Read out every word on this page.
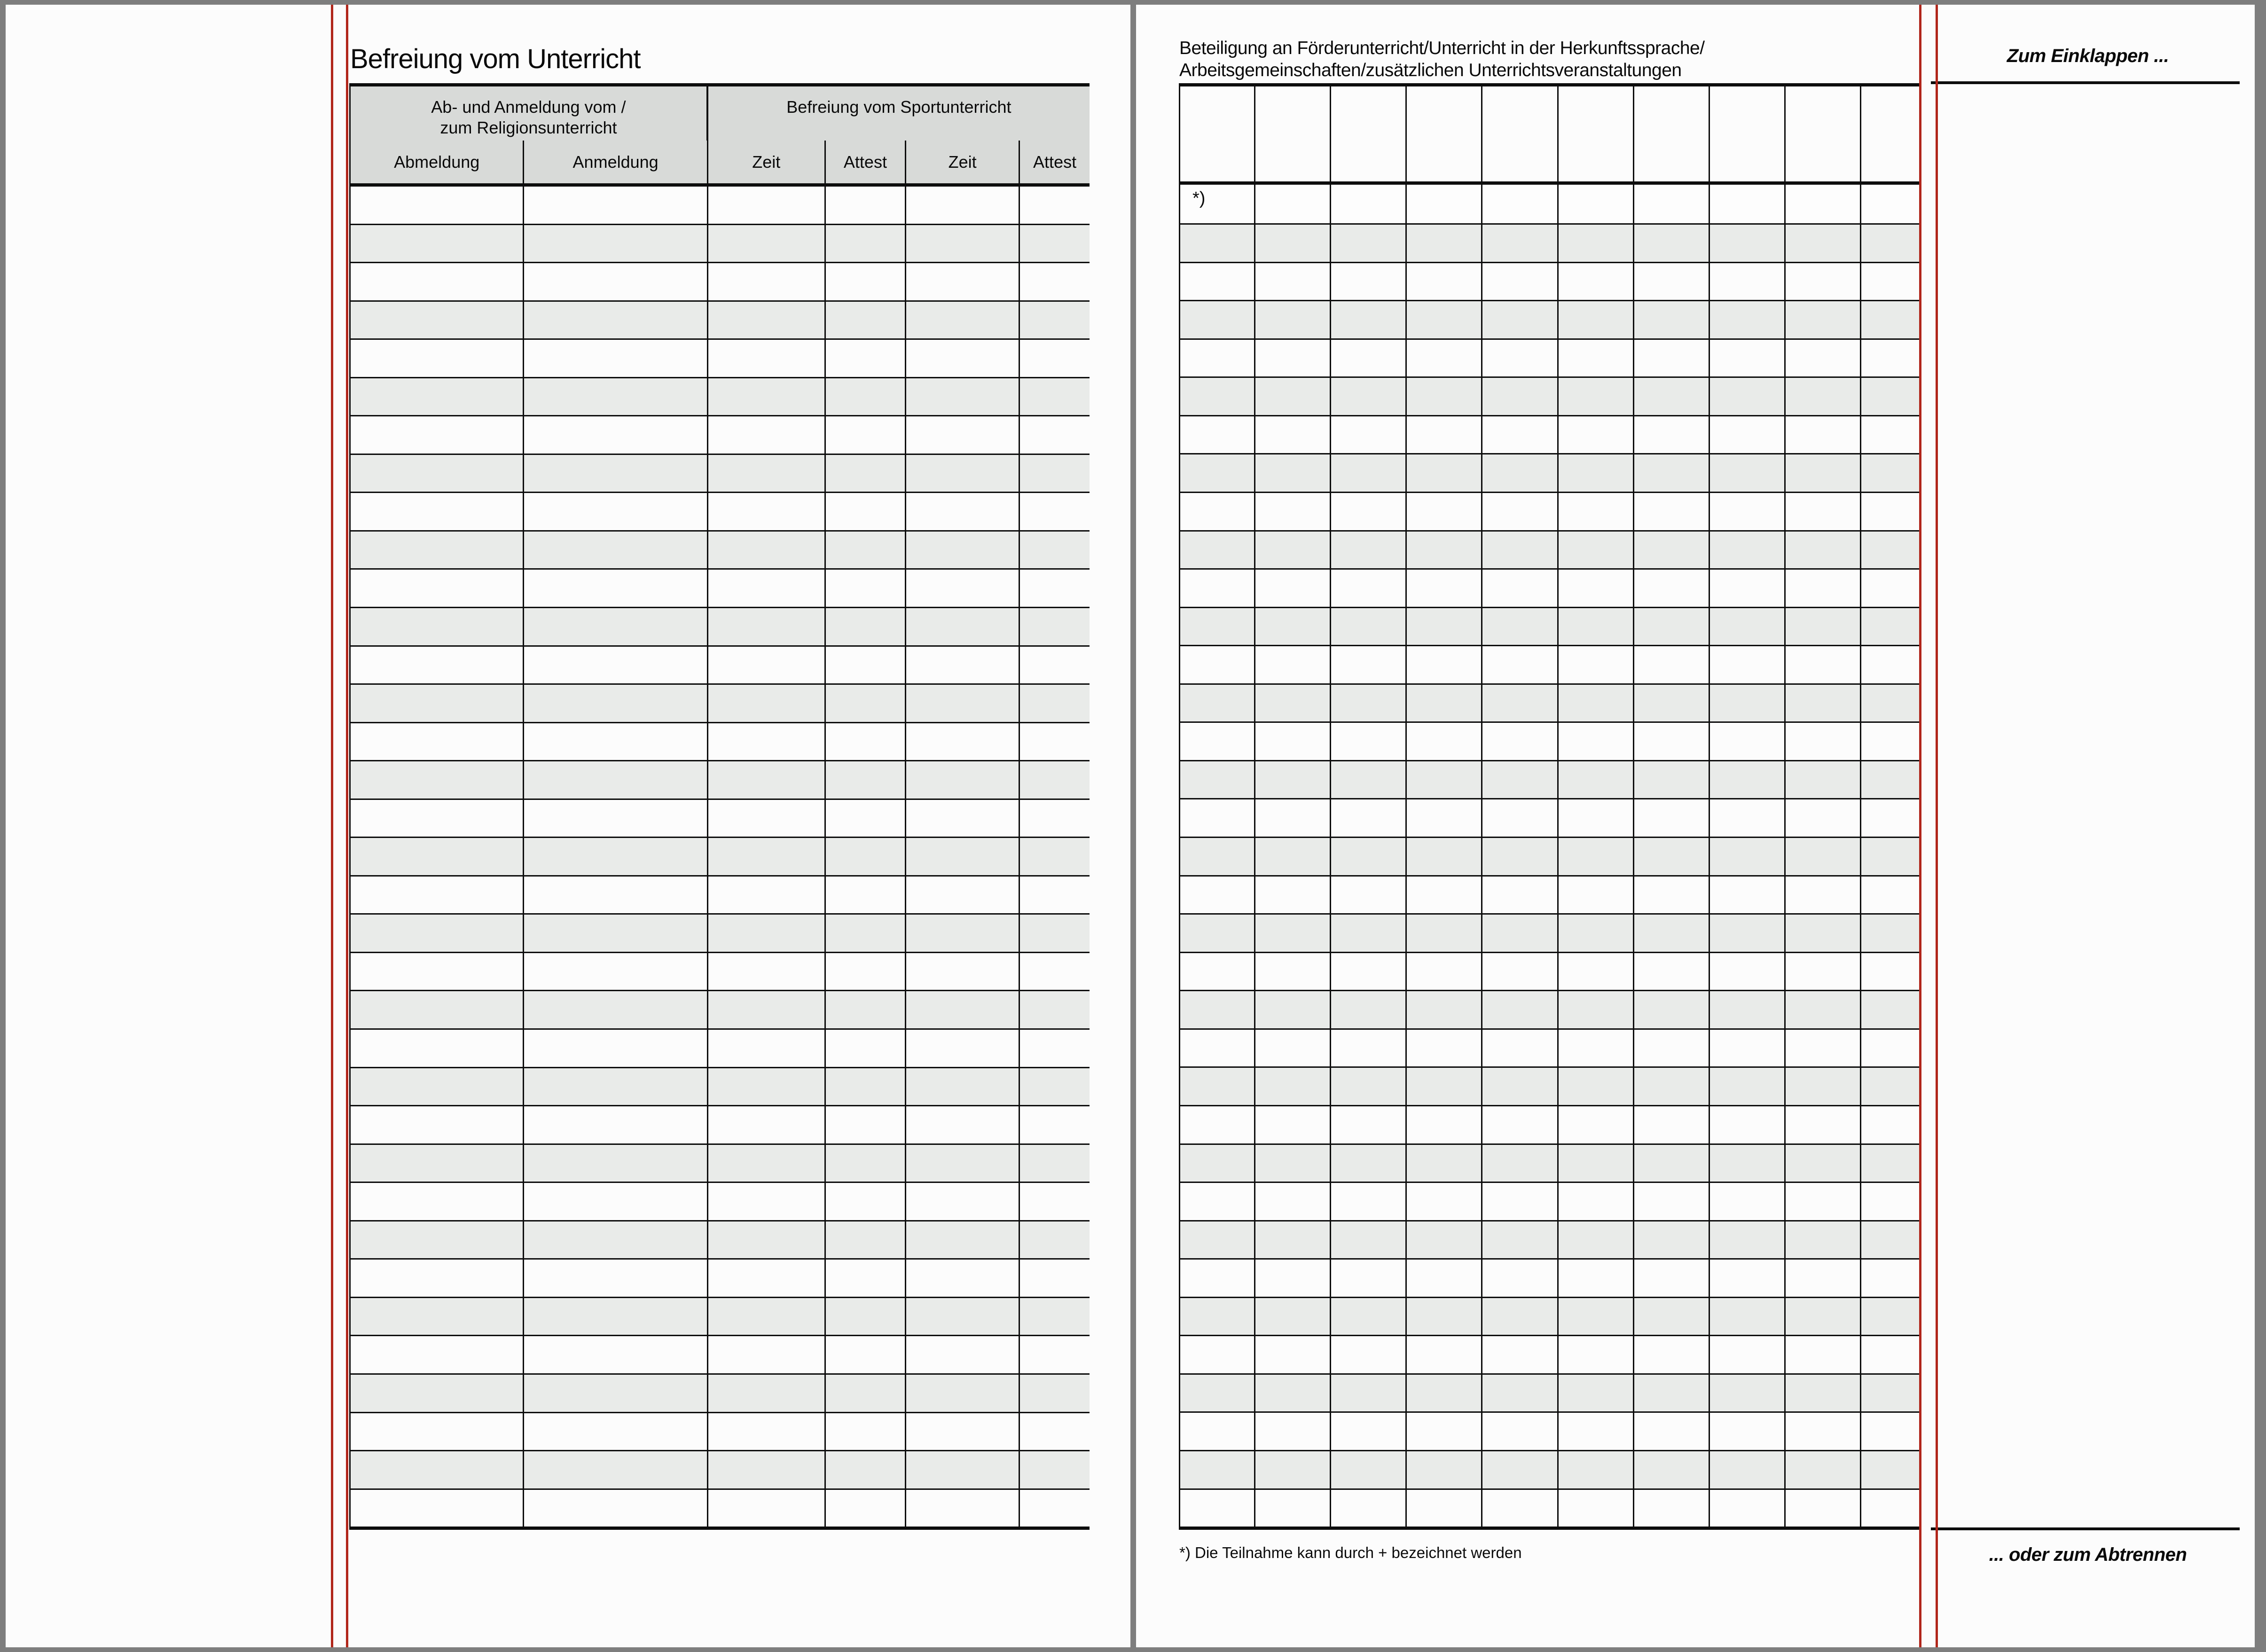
Befreiung vom Unterricht
Ab- und Anmeldung vom /
zum Religionsunterricht
Befreiung vom Sportunterricht
Abmeldung	Anmeldung	Zeit	Attest	Zeit	Attest
Beteiligung an Förderunterricht/Unterricht in der Herkunftssprache/
Arbeitsgemeinschaften/zusätzlichen Unterrichtsveranstaltungen
*)
*) Die Teilnahme kann durch + bezeichnet werden
Zum Einklappen ...
... oder zum Abtrennen
